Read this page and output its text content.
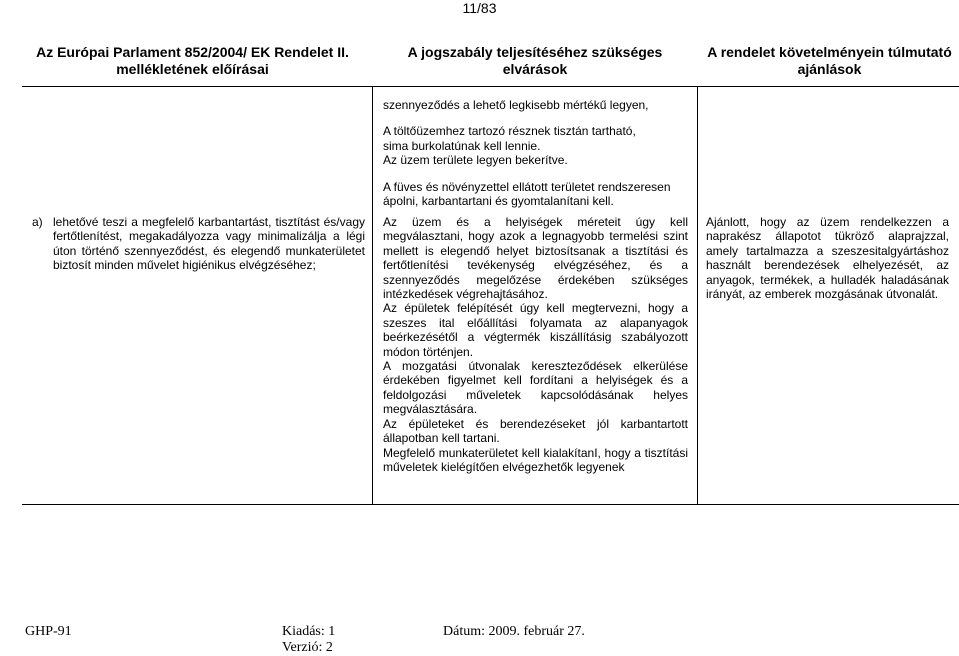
11/83
Az Európai Parlament 852/2004/ EK Rendelet II.
mellékletének előírásai
A jogszabály teljesítéséhez szükséges
elvárások
A rendelet követelményein túlmutató
ajánlások

szennyeződés a lehető legkisebb mértékű legyen,

A töltőüzemhez tartozó résznek tisztán tartható, sima burkolatúnak kell lennie.

Az üzem területe legyen bekerítve.

A füves és növényzettel ellátott területet rendszeresen ápolni, karbantartani és gyomtalanítani kell.

a) lehetővé teszi a megfelelő karbantartást, tisztítást és/vagy fertőtlenítést, megakadályozza vagy minimalizálja a légi úton történő szennyeződést, és elegendő munkaterületet biztosít minden művelet higiénikus elvégzéséhez;

Az üzem és a helyiségek méreteit úgy kell megválasztani, hogy azok a legnagyobb termelési szint mellett is elegendő helyet biztosítsanak a tisztítási és fertőtlenítési tevékenység elvégzéséhez, és a szennyeződés megelőzése érdekében szükséges intézkedések végrehajtásához.

Az épületek felépítését úgy kell megtervezni, hogy a szeszes ital előállítási folyamata az alapanyagok beérkezésétől a végtermék kiszállításig szabályozott módon történjen.

A mozgatási útvonalak kereszteződések elkerülése érdekében figyelmet kell fordítani a helyiségek és a feldolgozási műveletek kapcsolódásának helyes megválasztására.

Az épületeket és berendezéseket jól karbantartott állapotban kell tartani.

Megfelelő munkaterületet kell kialakítanI, hogy a tisztítási műveletek kielégítően elvégezhetők legyenek

Ajánlott, hogy az üzem rendelkezzen a naprakész állapotot tükröző alaprajzzal, amely tartalmazza a szeszesitalgyártáshoz használt berendezések elhelyezését, az anyagok, termékek, a hulladék haladásának irányát, az emberek mozgásának útvonalát.
GHP-91	Kiadás: 1
Verzió: 2
Dátum: 2009. február 27.
